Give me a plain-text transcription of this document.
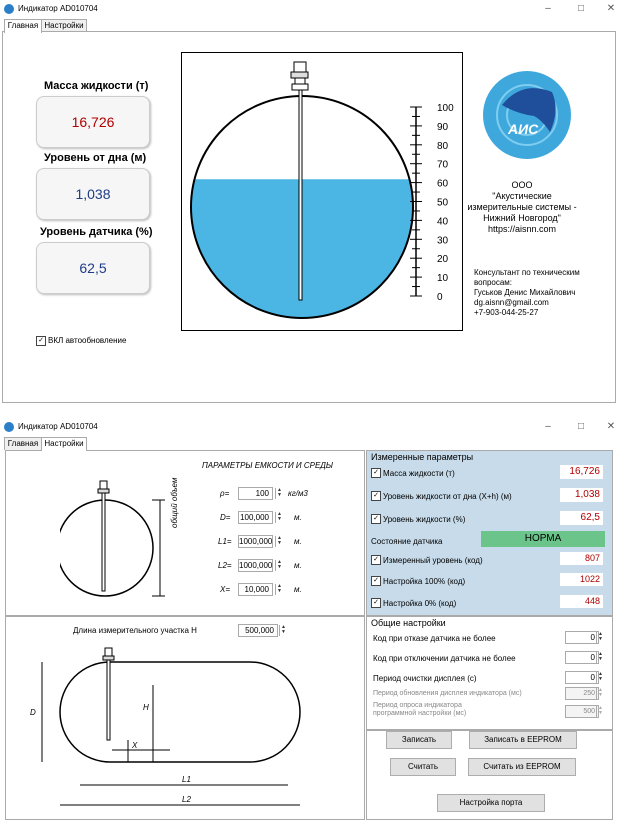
Индикатор AD010704	–	□	✕
Главная Настройки
Масса жидкости (т)
16,726
Уровень от дна (м)
1,038
Уровень датчика (%)
62,5
✓ ВКЛ автообновление
100
90
80
70
60
50
40
30
20
10
0
АИС
ООО
"Акустические
измерительные системы -
Нижний Новгород"
https://aisnn.com
Консультант по техническим
вопросам:
Гуськов Денис Михайлович
dg.aisnn@gmail.com
+7-903-044-25-27
Индикатор AD010704	–	□	✕
Главная Настройки
ПАРАМЕТРЫ ЕМКОСТИ И СРЕДЫ
общий объем	ρ=	100	▲
▼ кг/м3
D= 100,000	▲
▼ м.
L1= 1000,000 ▲
▼ м.
L2= 1000,000 ▲
▼ м.
X=	10,000	▲
▼ м.
Длина измерительного участка H	500,000	▲
▼
D
H
X
L1
L2
Измеренные параметры
✓ Масса жидкости (т)	16,726
✓ Уровень жидкости от дна (X+h) (м)	1,038
✓ Уровень жидкости (%)	62,5
Состояние датчика	НОРМА
✓ Измеренный уровень (код)	807
✓ Настройка 100% (код)	1022
✓ Настройка 0% (код)	448
Общие настройки
Код при отказе датчика не более	0 ▲
▼
Код при отключении датчика не более	0 ▲
▼
Период очистки дисплея (с)	0 ▲
▼
Период обновления дисплея индикатора (мс)	250 ▲
▼
Период опроса индикатора программной настройки (мс)	500 ▲
▼
Записать	Записать в EEPROM
Считать	Считать из EEPROM
Настройка порта
